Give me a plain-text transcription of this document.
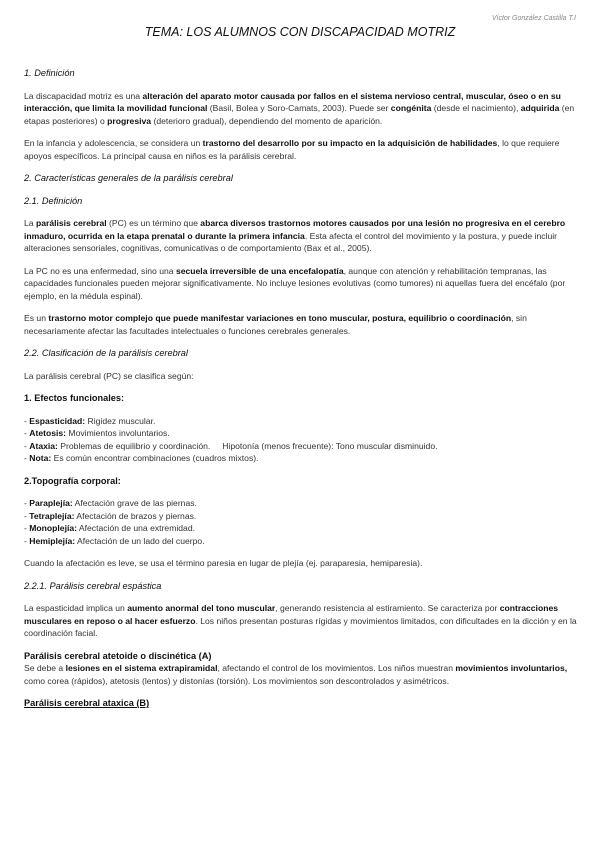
Víctor González Castilla T.I
TEMA: LOS ALUMNOS CON DISCAPACIDAD MOTRIZ

1. Definición

La discapacidad motriz es una alteración del aparato motor causada por fallos en el sistema nervioso central, muscular, óseo o en su interacción, que limita la movilidad funcional (Basil, Bolea y Soro-Camats, 2003). Puede ser congénita (desde el nacimiento), adquirida (en etapas posteriores) o progresiva (deterioro gradual), dependiendo del momento de aparición.

En la infancia y adolescencia, se considera un trastorno del desarrollo por su impacto en la adquisición de habilidades, lo que requiere apoyos específicos. La principal causa en niños es la parálisis cerebral.

2. Características generales de la parálisis cerebral

2.1. Definición

La parálisis cerebral (PC) es un término que abarca diversos trastornos motores causados por una lesión no progresiva en el cerebro inmaduro, ocurrida en la etapa prenatal o durante la primera infancia. Esta afecta el control del movimiento y la postura, y puede incluir alteraciones sensoriales, cognitivas, comunicativas o de comportamiento (Bax et al., 2005).

La PC no es una enfermedad, sino una secuela irreversible de una encefalopatía, aunque con atención y rehabilitación tempranas, las capacidades funcionales pueden mejorar significativamente. No incluye lesiones evolutivas (como tumores) ni aquellas fuera del encéfalo (por ejemplo, en la médula espinal).

Es un trastorno motor complejo que puede manifestar variaciones en tono muscular, postura, equilibrio o coordinación, sin necesariamente afectar las facultades intelectuales o funciones cerebrales generales.

2.2. Clasificación de la parálisis cerebral

La parálisis cerebral (PC) se clasifica según:

1. Efectos funcionales:

- Espasticidad: Rigidez muscular.
- Atetosis: Movimientos involuntarios.
- Ataxia: Problemas de equilibrio y coordinación.     Hipotonía (menos frecuente): Tono muscular disminuido.
- Nota: Es común encontrar combinaciones (cuadros mixtos).

2.Topografía corporal:

- Paraplejía: Afectación grave de las piernas.
- Tetraplejía: Afectación de brazos y piernas.
- Monoplejía: Afectación de una extremidad.
- Hemiplejía: Afectación de un lado del cuerpo.

Cuando la afectación es leve, se usa el término paresia en lugar de plejía (ej. paraparesia, hemiparesia).

2.2.1. Parálisis cerebral espástica

La espasticidad implica un aumento anormal del tono muscular, generando resistencia al estiramiento. Se caracteriza por contracciones musculares en reposo o al hacer esfuerzo. Los niños presentan posturas rígidas y movimientos limitados, con dificultades en la dicción y en la coordinación facial.

Parálisis cerebral atetoide o discinética (A)

Se debe a lesiones en el sistema extrapiramidal, afectando el control de los movimientos. Los niños muestran movimientos involuntarios, como corea (rápidos), atetosis (lentos) y distonías (torsión). Los movimientos son descontrolados y asimétricos.

Parálisis cerebral ataxica (B)
